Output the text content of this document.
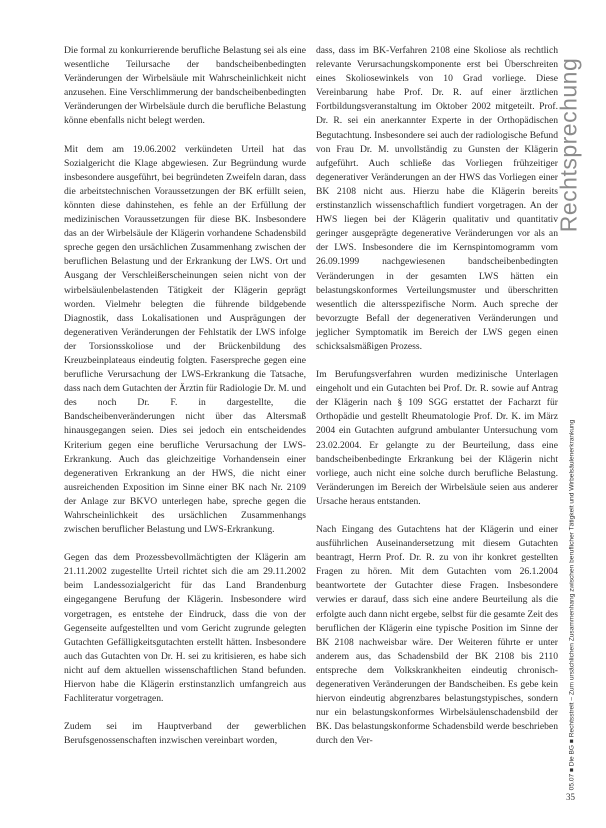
Rechtsprechung

Die formal zu konkurrierende berufliche Belastung sei als eine wesentliche Teilursache der bandscheibenbedingten Veränderungen der Wirbelsäule mit Wahrscheinlichkeit nicht anzusehen. Eine Verschlimmerung der bandscheibenbedingten Veränderungen der Wirbelsäule durch die berufliche Belastung könne ebenfalls nicht belegt werden.

Mit dem am 19.06.2002 verkündeten Urteil hat das Sozialgericht die Klage abgewiesen. Zur Begründung wurde insbesondere ausgeführt, bei begründeten Zweifeln daran, dass die arbeitstechnischen Voraussetzungen der BK erfüllt seien, könnten diese dahinstehen, es fehle an der Erfüllung der medizinischen Voraussetzungen für diese BK. Insbesondere das an der Wirbelsäule der Klägerin vorhandene Schadensbild spreche gegen den ursächlichen Zusammenhang zwischen der beruflichen Belastung und der Erkrankung der LWS. Ort und Ausgang der Verschleißerscheinungen seien nicht von der wirbelsäulenbelastenden Tätigkeit der Klägerin geprägt worden. Vielmehr belegten die führende bildgebende Diagnostik, dass Lokalisationen und Ausprägungen der degenerativen Veränderungen der Fehlstatik der LWS infolge der Torsionsskoliose und der Brückenbildung des Kreuzbeinplateaus eindeutig folgten. Faserspreche gegen eine berufliche Verursachung der LWS-Erkrankung die Tatsache, dass nach dem Gutachten der Ärztin für Radiologie Dr. M. und des noch Dr. F. in dargestellte, die Bandscheibenveränderungen nicht über das Altersmaß hinausgegangen seien. Dies sei jedoch ein entscheidendes Kriterium gegen eine berufliche Verursachung der LWS-Erkrankung. Auch das gleichzeitige Vorhandensein einer degenerativen Erkrankung an der HWS, die nicht einer ausreichenden Exposition im Sinne einer BK nach Nr. 2109 der Anlage zur BKVO unterlegen habe, spreche gegen die Wahrscheinlichkeit des ursächlichen Zusammenhangs zwischen beruflicher Belastung und LWS-Erkrankung.

Gegen das dem Prozessbevollmächtigten der Klägerin am 21.11.2002 zugestellte Urteil richtet sich die am 29.11.2002 beim Landessozialgericht für das Land Brandenburg eingegangene Berufung der Klägerin. Insbesondere wird vorgetragen, es entstehe der Eindruck, dass die von der Gegenseite aufgestellten und vom Gericht zugrunde gelegten Gutachten Gefälligkeitsgutachten erstellt hätten. Insbesondere auch das Gutachten von Dr. H. sei zu kritisieren, es habe sich nicht auf dem aktuellen wissenschaftlichen Stand befunden. Hiervon habe die Klägerin erstinstanzlich umfangreich aus Fachliteratur vorgetragen.

Zudem sei im Hauptverband der gewerblichen Berufsgenossenschaften inzwischen vereinbart worden,

dass, dass im BK-Verfahren 2108 eine Skoliose als rechtlich relevante Verursachungskomponente erst bei Überschreiten eines Skoliosewinkels von 10 Grad vorliege. Diese Vereinbarung habe Prof. Dr. R. auf einer ärztlichen Fortbildungsveranstaltung im Oktober 2002 mitgeteilt. Prof. Dr. R. sei ein anerkannter Experte in der Orthopädischen Begutachtung. Insbesondere sei auch der radiologische Befund von Frau Dr. M. unvollständig zu Gunsten der Klägerin aufgeführt. Auch schließe das Vorliegen frühzeitiger degenerativer Veränderungen an der HWS das Vorliegen einer BK 2108 nicht aus. Hierzu habe die Klägerin bereits erstinstanzlich wissenschaftlich fundiert vorgetragen. An der HWS liegen bei der Klägerin qualitativ und quantitativ geringer ausgeprägte degenerative Veränderungen vor als an der LWS. Insbesondere die im Kernspintomogramm vom 26.09.1999 nachgewiesenen bandscheibenbedingten Veränderungen in der gesamten LWS hätten ein belastungskonformes Verteilungsmuster und überschritten wesentlich die altersspezifische Norm. Auch spreche der bevorzugte Befall der degenerativen Veränderungen und jeglicher Symptomatik im Bereich der LWS gegen einen schicksalsmäßigen Prozess.

Im Berufungsverfahren wurden medizinische Unterlagen eingeholt und ein Gutachten bei Prof. Dr. R. sowie auf Antrag der Klägerin nach § 109 SGG erstattet der Facharzt für Orthopädie und gestellt Rheumatologie Prof. Dr. K. im März 2004 ein Gutachten aufgrund ambulanter Untersuchung vom 23.02.2004. Er gelangte zu der Beurteilung, dass eine bandscheibenbedingte Erkrankung bei der Klägerin nicht vorliege, auch nicht eine solche durch berufliche Belastung. Veränderungen im Bereich der Wirbelsäule seien aus anderer Ursache heraus entstanden.

Nach Eingang des Gutachtens hat der Klägerin und einer ausführlichen Auseinandersetzung mit diesem Gutachten beantragt, Herrn Prof. Dr. R. zu von ihr konkret gestellten Fragen zu hören. Mit dem Gutachten vom 26.1.2004 beantwortete der Gutachter diese Fragen. Insbesondere verwies er darauf, dass sich eine andere Beurteilung als die erfolgte auch dann nicht ergebe, selbst für die gesamte Zeit des beruflichen der Klägerin eine typische Position im Sinne der BK 2108 nachweisbar wäre. Der Weiteren führte er unter anderem aus, das Schadensbild der BK 2108 bis 2110 entspreche dem Volkskrankheiten eindeutig chronisch-degenerativen Veränderungen der Bandscheiben. Es gebe kein hiervon eindeutig abgrenzbares belastungstypisches, sondern nur ein belastungskonformes Wirbelsäulenschadensbild der BK. Das belastungskonforme Schadensbild werde beschrieben durch den Ver-	05.07 ■ Die BG ■ Rechtsstreit – Zum ursächlichen Zusammenhang zwischen beruflicher Tätigkeit und Wirbelsäulenerkrankung
35
